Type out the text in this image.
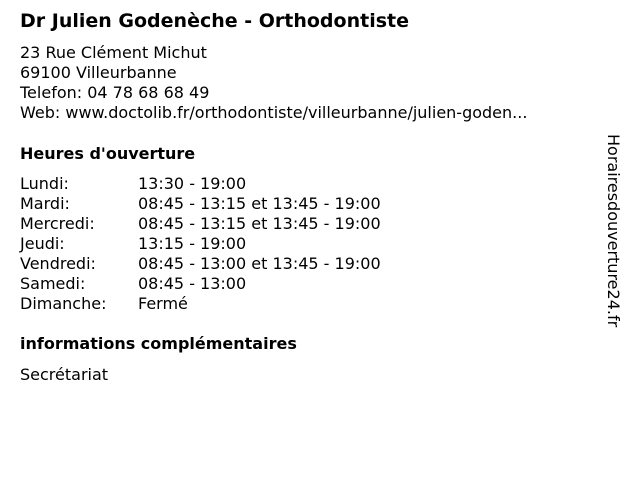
Dr Julien Godenèche - Orthodontiste
23 Rue Clément Michut
69100 Villeurbanne
Telefon: 04 78 68 68 49
Web: www.doctolib.fr/orthodontiste/villeurbanne/julien-goden...
Heures d'ouverture
Lundi:	13:30 - 19:00
Mardi:	08:45 - 13:15 et 13:45 - 19:00
Mercredi:	08:45 - 13:15 et 13:45 - 19:00
Jeudi:	13:15 - 19:00
Vendredi:	08:45 - 13:00 et 13:45 - 19:00
Samedi:	08:45 - 13:00
Dimanche:	Fermé
informations complémentaires
Secrétariat
Horairesdouverture24.fr
